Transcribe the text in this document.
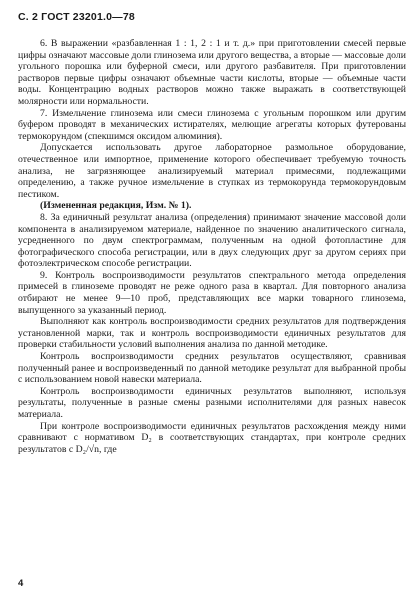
С. 2 ГОСТ 23201.0—78

6. В выражении «разбавленная 1 : 1, 2 : 1 и т. д.» при приготовлении смесей первые цифры означают массовые доли глинозема или другого вещества, а вторые — массовые доли угольного порошка или буферной смеси, или другого разбавителя. При приготовлении растворов первые цифры означают объемные части кислоты, вторые — объемные части воды. Концентрацию водных растворов можно также выражать в соответствующей молярности или нормальности.

7. Измельчение глинозема или смеси глинозема с угольным порошком или другим буфером проводят в механических истирателях, мелющие агрегаты которых футерованы термокорундом (спекшимся оксидом алюминия).

Допускается использовать другое лабораторное размольное оборудование, отечественное или импортное, применение которого обеспечивает требуемую точность анализа, не загрязняющее анализируемый материал примесями, подлежащими определению, а также ручное измельчение в ступках из термокорунда термокорундовым пестиком.

(Измененная редакция, Изм. № 1).

8. За единичный результат анализа (определения) принимают значение массовой доли компонента в анализируемом материале, найденное по значению аналитического сигнала, усредненного по двум спектрограммам, полученным на одной фотопластине для фотографического способа регистрации, или в двух следующих друг за другом сериях при фотоэлектрическом способе регистрации.

9. Контроль воспроизводимости результатов спектрального метода определения примесей в глиноземе проводят не реже одного раза в квартал. Для повторного анализа отбирают не менее 9—10 проб, представляющих все марки товарного глинозема, выпущенного за указанный период.

Выполняют как контроль воспроизводимости средних результатов для подтверждения установленной марки, так и контроль воспроизводимости единичных результатов для проверки стабильности условий выполнения анализа по данной методике.

Контроль воспроизводимости средних результатов осуществляют, сравнивая полученный ранее и воспроизведенный по данной методике результат для выбранной пробы с использованием новой навески материала.

Контроль воспроизводимости единичных результатов выполняют, используя результаты, полученные в разные смены разными исполнителями для разных навесок материала.

При контроле воспроизводимости единичных результатов расхождения между ними сравнивают с нормативом D₂ в соответствующих стандартах, при контроле средних результатов с D₂/√n, где

4
